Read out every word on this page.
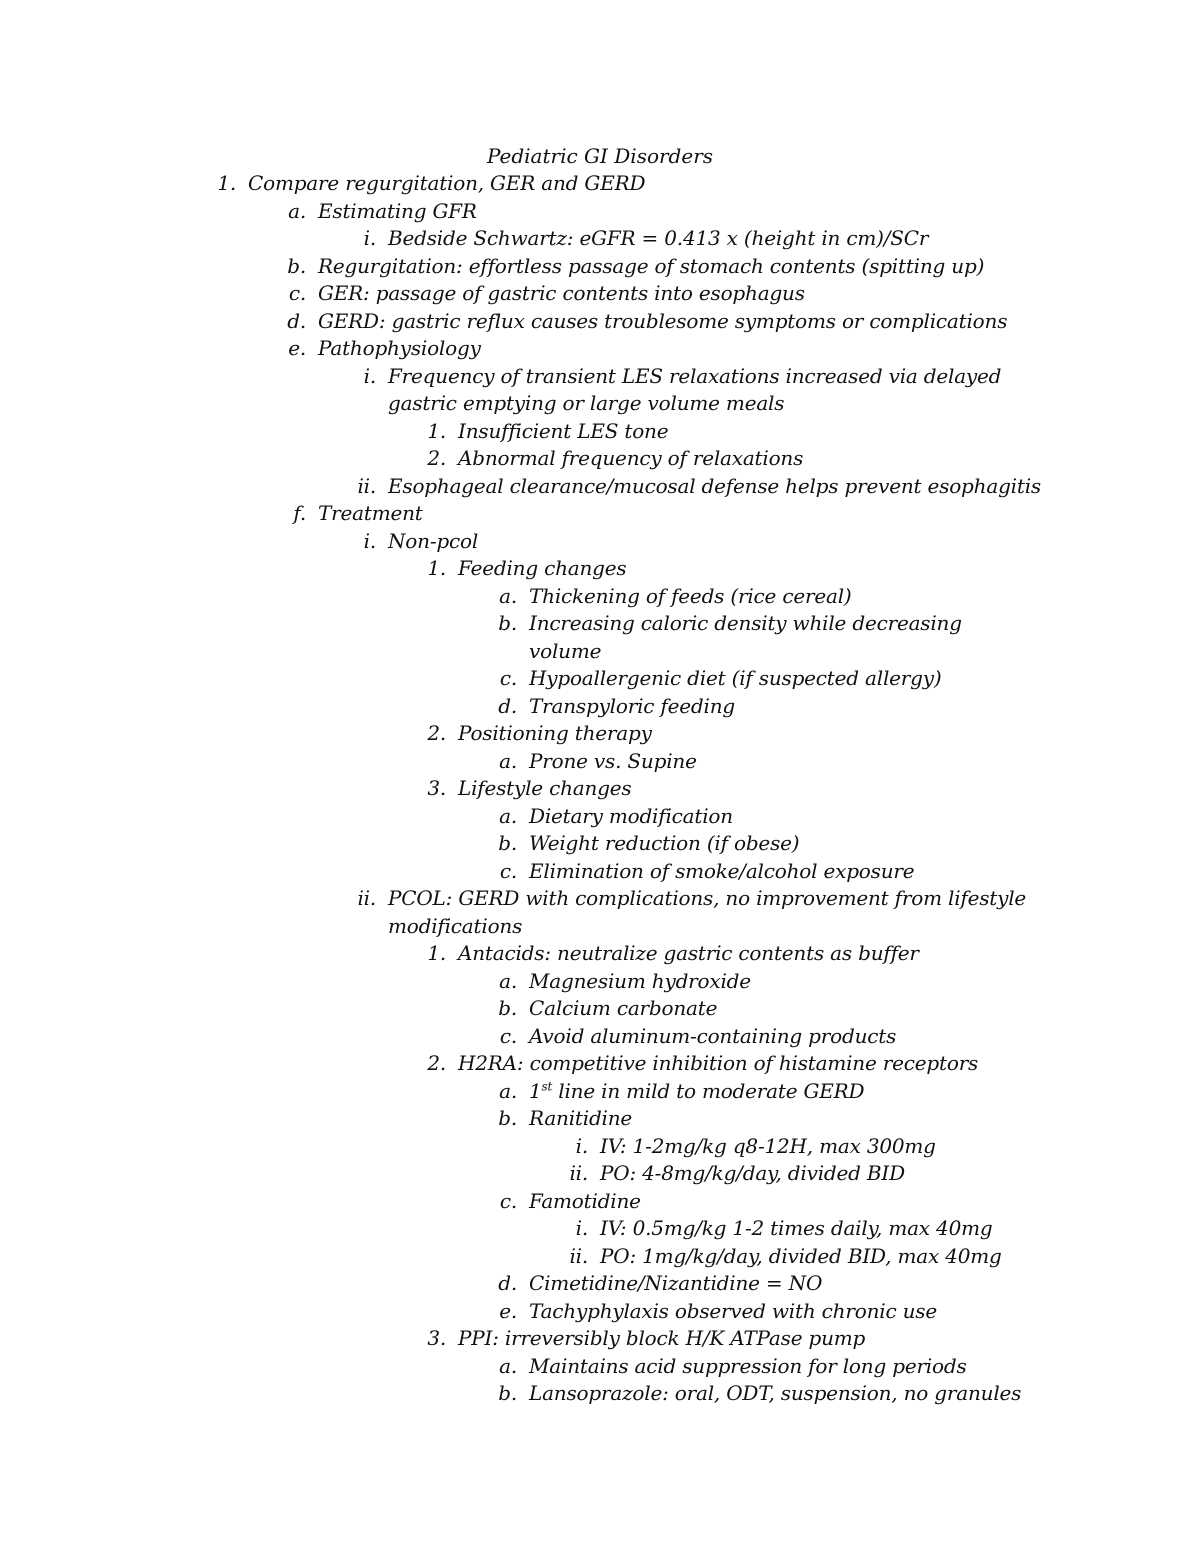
Pediatric GI Disorders
1. Compare regurgitation, GER and GERD
a. Estimating GFR
i. Bedside Schwartz: eGFR = 0.413 x (height in cm)/SCr
b. Regurgitation: effortless passage of stomach contents (spitting up)
c. GER: passage of gastric contents into esophagus
d. GERD: gastric reflux causes troublesome symptoms or complications
e. Pathophysiology
i. Frequency of transient LES relaxations increased via delayed
gastric emptying or large volume meals
1. Insufficient LES tone
2. Abnormal frequency of relaxations
ii. Esophageal clearance/mucosal defense helps prevent esophagitis
f. Treatment
i. Non-pcol
1. Feeding changes
a. Thickening of feeds (rice cereal)
b. Increasing caloric density while decreasing
volume
c. Hypoallergenic diet (if suspected allergy)
d. Transpyloric feeding
2. Positioning therapy
a. Prone vs. Supine
3. Lifestyle changes
a. Dietary modification
b. Weight reduction (if obese)
c. Elimination of smoke/alcohol exposure
ii. PCOL: GERD with complications, no improvement from lifestyle
modifications
1. Antacids: neutralize gastric contents as buffer
a. Magnesium hydroxide
b. Calcium carbonate
c. Avoid aluminum-containing products
2. H2RA: competitive inhibition of histamine receptors
a. 1st line in mild to moderate GERD
b. Ranitidine
i. IV: 1-2mg/kg q8-12H, max 300mg
ii. PO: 4-8mg/kg/day, divided BID
c. Famotidine
i. IV: 0.5mg/kg 1-2 times daily, max 40mg
ii. PO: 1mg/kg/day, divided BID, max 40mg
d. Cimetidine/Nizantidine = NO
e. Tachyphylaxis observed with chronic use
3. PPI: irreversibly block H/K ATPase pump
a. Maintains acid suppression for long periods
b. Lansoprazole: oral, ODT, suspension, no granules
